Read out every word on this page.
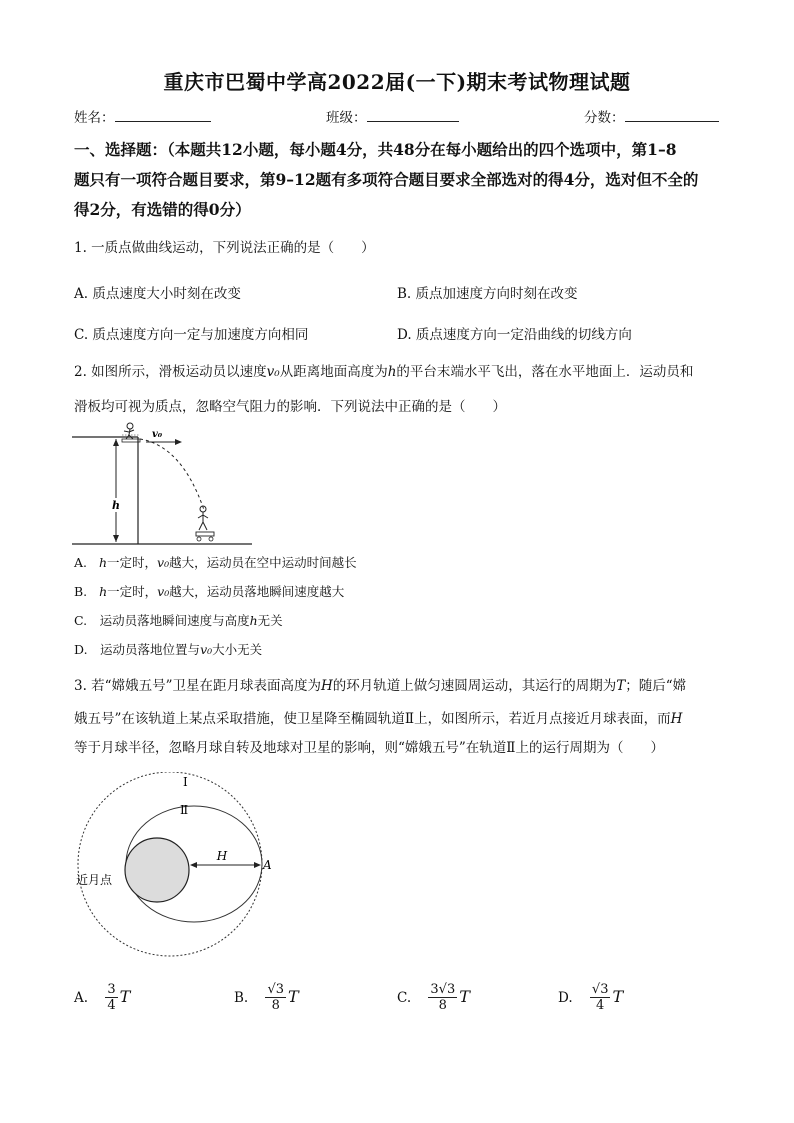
重庆市巴蜀中学高2022届(一下)期末考试物理试题
姓名：	班级：	分数：
一、选择题：（本题共12小题，每小题4分，共48分在每小题给出的四个选项中，第1–8
题只有一项符合题目要求，第9–12题有多项符合题目要求全部选对的得4分，选对但不全的
得2分，有选错的得0分）
1. 一质点做曲线运动，下列说法正确的是（　　）
A. 质点速度大小时刻在改变	B. 质点加速度方向时刻在改变
C. 质点速度方向一定与加速度方向相同	D. 质点速度方向一定沿曲线的切线方向
2. 如图所示，滑板运动员以速度v₀从距离地面高度为h的平台末端水平飞出，落在水平地面上．运动员和
滑板均可视为质点，忽略空气阻力的影响．下列说法中正确的是（　　）
h
v₀
A. h一定时，v₀越大，运动员在空中运动时间越长
B. h一定时，v₀越大，运动员落地瞬间速度越大
C.　运动员落地瞬间速度与高度h无关
D.　运动员落地位置与v₀大小无关
3. 若“嫦娥五号”卫星在距月球表面高度为H的环月轨道上做匀速圆周运动，其运行的周期为T；随后“嫦
娥五号”在该轨道上某点采取措施，使卫星降至椭圆轨道Ⅱ上，如图所示，若近月点接近月球表面，而H
等于月球半径，忽略月球自转及地球对卫星的影响，则“嫦娥五号”在轨道Ⅱ上的运行周期为（　　）
H
A
Ⅰ
Ⅱ
近月点
A. $\frac{3}{4}$ T	B. $\frac{√3}{8}$ T	C. $\frac{3√3}{8}$ T	D. $\frac{√3}{4}$ T
